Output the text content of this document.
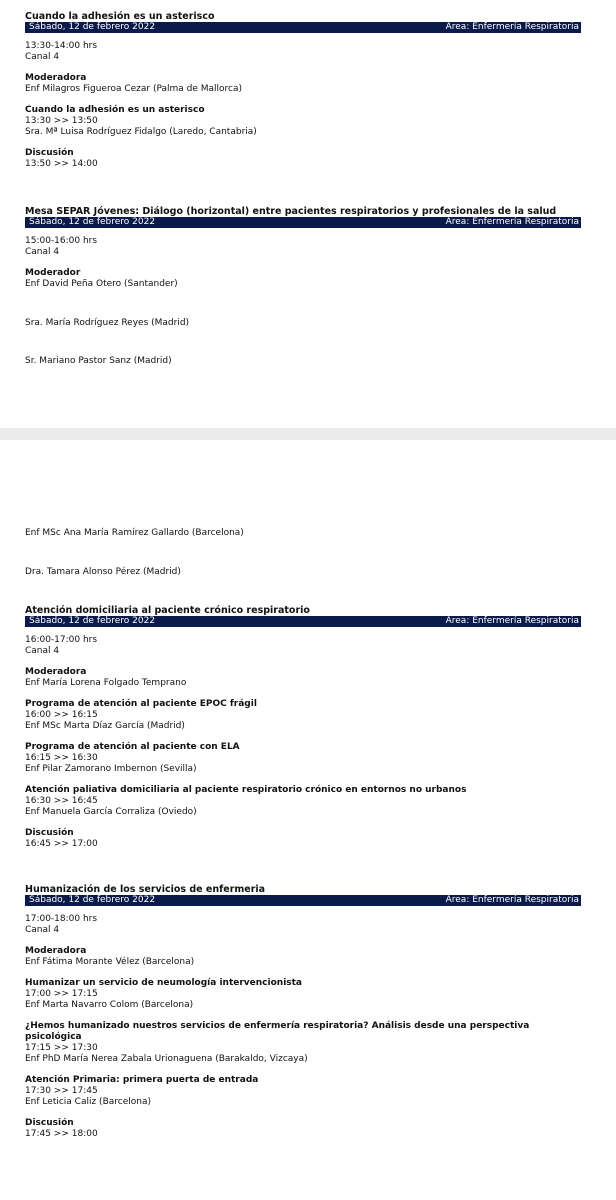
Cuando la adhesión es un asterisco
Sábado, 12 de febrero 2022	Área: Enfermería Respiratoria
13:30-14:00 hrs
Canal 4
Moderadora
Enf Milagros Figueroa Cezar (Palma de Mallorca)
Cuando la adhesión es un asterisco
13:30 >> 13:50
Sra. Mª Luisa Rodríguez Fidalgo (Laredo, Cantabria)
Discusión
13:50 >> 14:00
Mesa SEPAR Jóvenes: Diálogo (horizontal) entre pacientes respiratorios y profesionales de la salud
Sábado, 12 de febrero 2022	Área: Enfermería Respiratoria
15:00-16:00 hrs
Canal 4
Moderador
Enf David Peña Otero (Santander)
Sra. María Rodríguez Reyes (Madrid)
Sr. Mariano Pastor Sanz (Madrid)
Enf MSc Ana María Ramírez Gallardo (Barcelona)
Dra. Tamara Alonso Pérez (Madrid)
Atención domiciliaria al paciente crónico respiratorio
Sábado, 12 de febrero 2022	Área: Enfermería Respiratoria
16:00-17:00 hrs
Canal 4
Moderadora
Enf María Lorena Folgado Temprano
Programa de atención al paciente EPOC frágil
16:00 >> 16:15
Enf MSc Marta Díaz García (Madrid)
Programa de atención al paciente con ELA
16:15 >> 16:30
Enf Pilar Zamorano Imbernon (Sevilla)
Atención paliativa domiciliaria al paciente respiratorio crónico en entornos no urbanos
16:30 >> 16:45
Enf Manuela García Corraliza (Oviedo)
Discusión
16:45 >> 17:00
Humanización de los servicios de enfermeria
Sábado, 12 de febrero 2022	Área: Enfermería Respiratoria
17:00-18:00 hrs
Canal 4
Moderadora
Enf Fátima Morante Vélez (Barcelona)
Humanizar un servicio de neumología intervencionista
17:00 >> 17:15
Enf Marta Navarro Colom (Barcelona)
¿Hemos humanizado nuestros servicios de enfermería respiratoria? Análisis desde una perspectiva
psicológica
17:15 >> 17:30
Enf PhD María Nerea Zabala Urionaguena (Barakaldo, Vizcaya)
Atención Primaria: primera puerta de entrada
17:30 >> 17:45
Enf Leticia Caliz (Barcelona)
Discusión
17:45 >> 18:00
